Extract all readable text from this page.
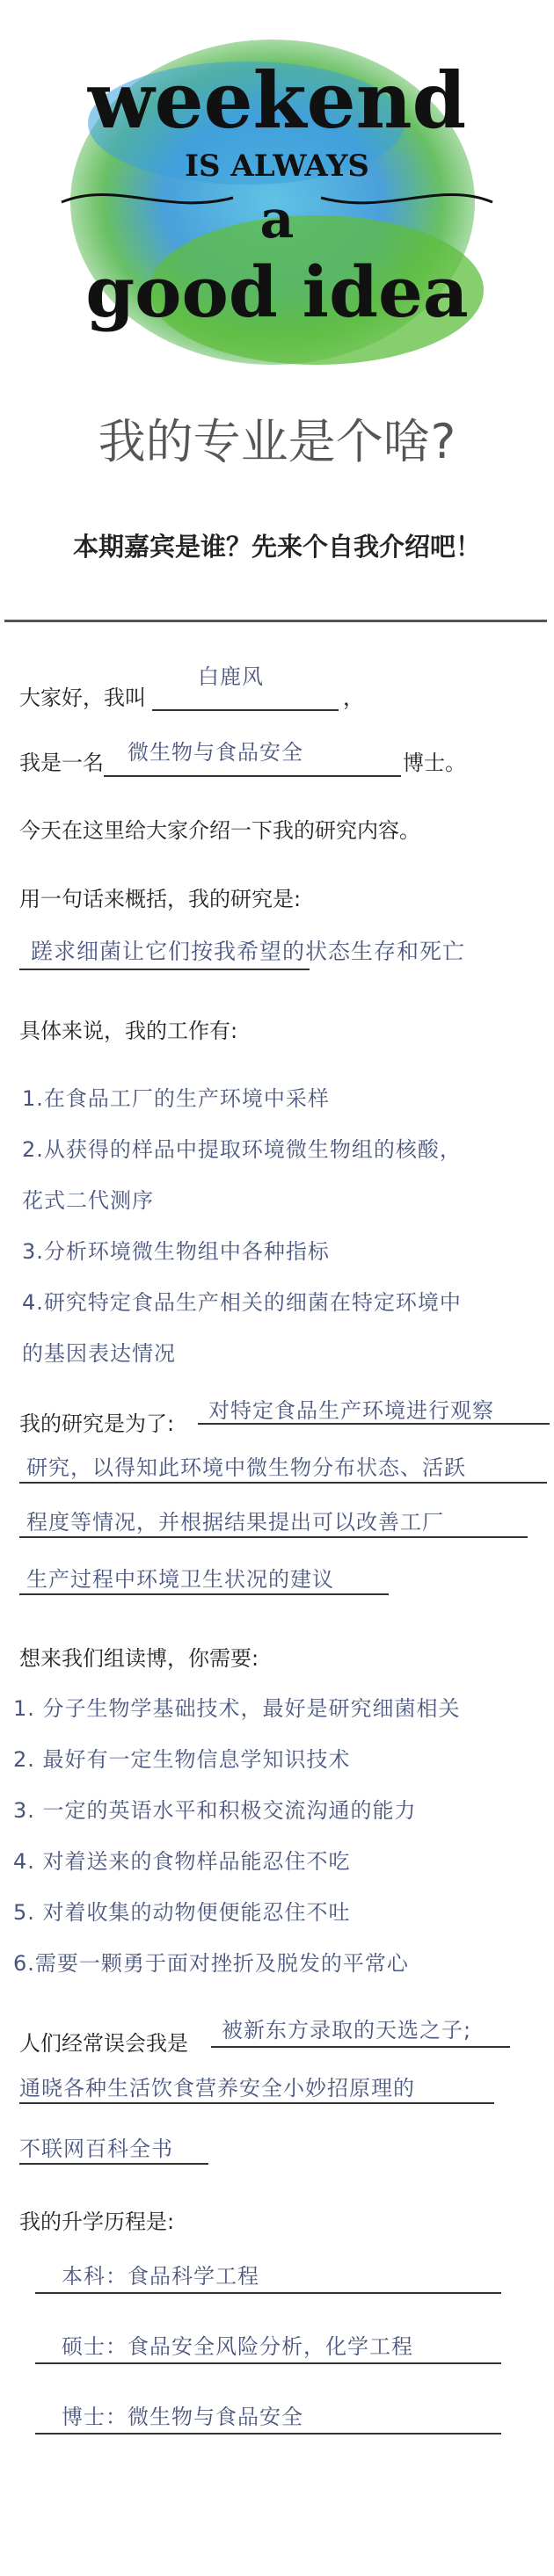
weekend
IS ALWAYS
a
good idea
我的专业是个啥?
本期嘉宾是谁？先来个自我介绍吧！
大家好，我叫
白鹿风
，
我是一名 微生物与食品安全	博士。
今天在这里给大家介绍一下我的研究内容。
用一句话来概括，我的研究是:
蹉求细菌让它们按我希望的状态生存和死亡
具体来说，我的工作有:
1.在食品工厂的生产环境中采样
2.从获得的样品中提取环境微生物组的核酸，
花式二代测序
3.分析环境微生物组中各种指标
4.研究特定食品生产相关的细菌在特定环境中
的基因表达情况
我的研究是为了:
对特定食品生产环境进行观察
研究，以得知此环境中微生物分布状态、活跃
程度等情况，并根据结果提出可以改善工厂
生产过程中环境卫生状况的建议
想来我们组读博，你需要:
1. 分子生物学基础技术，最好是研究细菌相关
2. 最好有一定生物信息学知识技术
3. 一定的英语水平和积极交流沟通的能力
4. 对着送来的食物样品能忍住不吃
5. 对着收集的动物便便能忍住不吐
6.需要一颗勇于面对挫折及脱发的平常心
人们经常误会我是
被新东方录取的天选之子;
通晓各种生活饮食营养安全小妙招原理的
不联网百科全书
我的升学历程是:
本科：食品科学工程
硕士：食品安全风险分析，化学工程
博士：微生物与食品安全
